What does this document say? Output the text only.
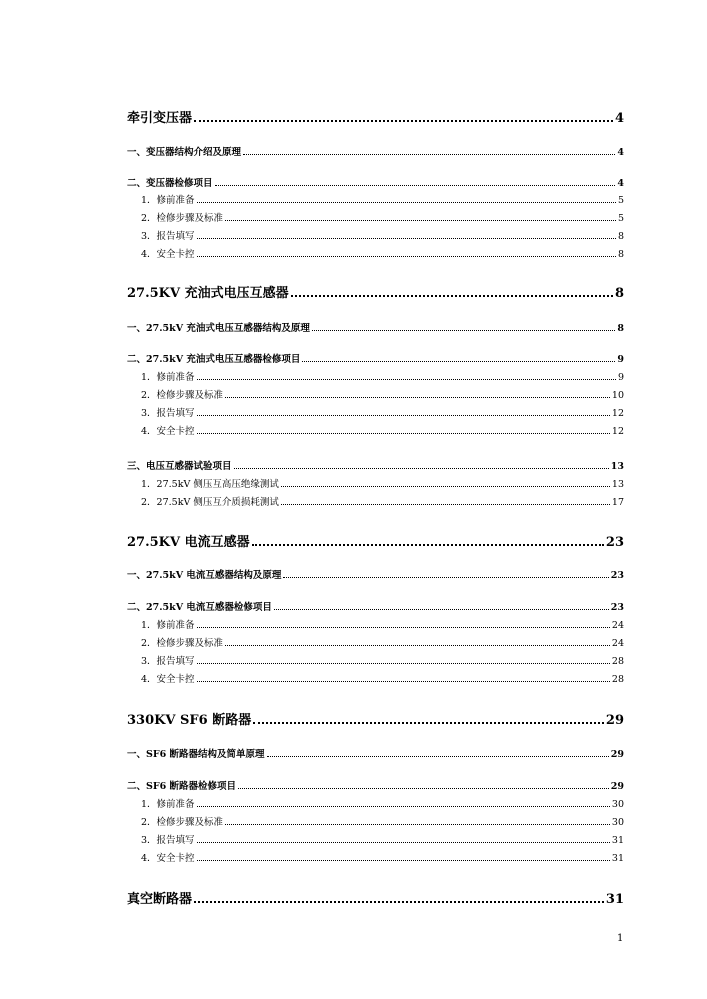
牵引变压器	4
一、变压器结构介绍及原理	4
二、变压器检修项目	4
1．修前准备	5
2．检修步骤及标准	5
3．报告填写	8
4．安全卡控	8
27.5KV 充油式电压互感器	8
一、27.5kV 充油式电压互感器结构及原理	8
二、27.5kV 充油式电压互感器检修项目	9
1．修前准备	9
2．检修步骤及标准	10
3．报告填写	12
4．安全卡控	12
三、电压互感器试验项目	13
1．27.5kV 侧压互高压绝缘测试	13
2．27.5kV 侧压互介质损耗测试	17
27.5KV 电流互感器	23
一、27.5kV 电流互感器结构及原理	23
二、27.5kV 电流互感器检修项目	23
1．修前准备	24
2．检修步骤及标准	24
3．报告填写	28
4．安全卡控	28
330KV SF6 断路器	29
一、SF6 断路器结构及简单原理	29
二、SF6 断路器检修项目	29
1．修前准备	30
2．检修步骤及标准	30
3．报告填写	31
4．安全卡控	31
真空断路器	31
1
